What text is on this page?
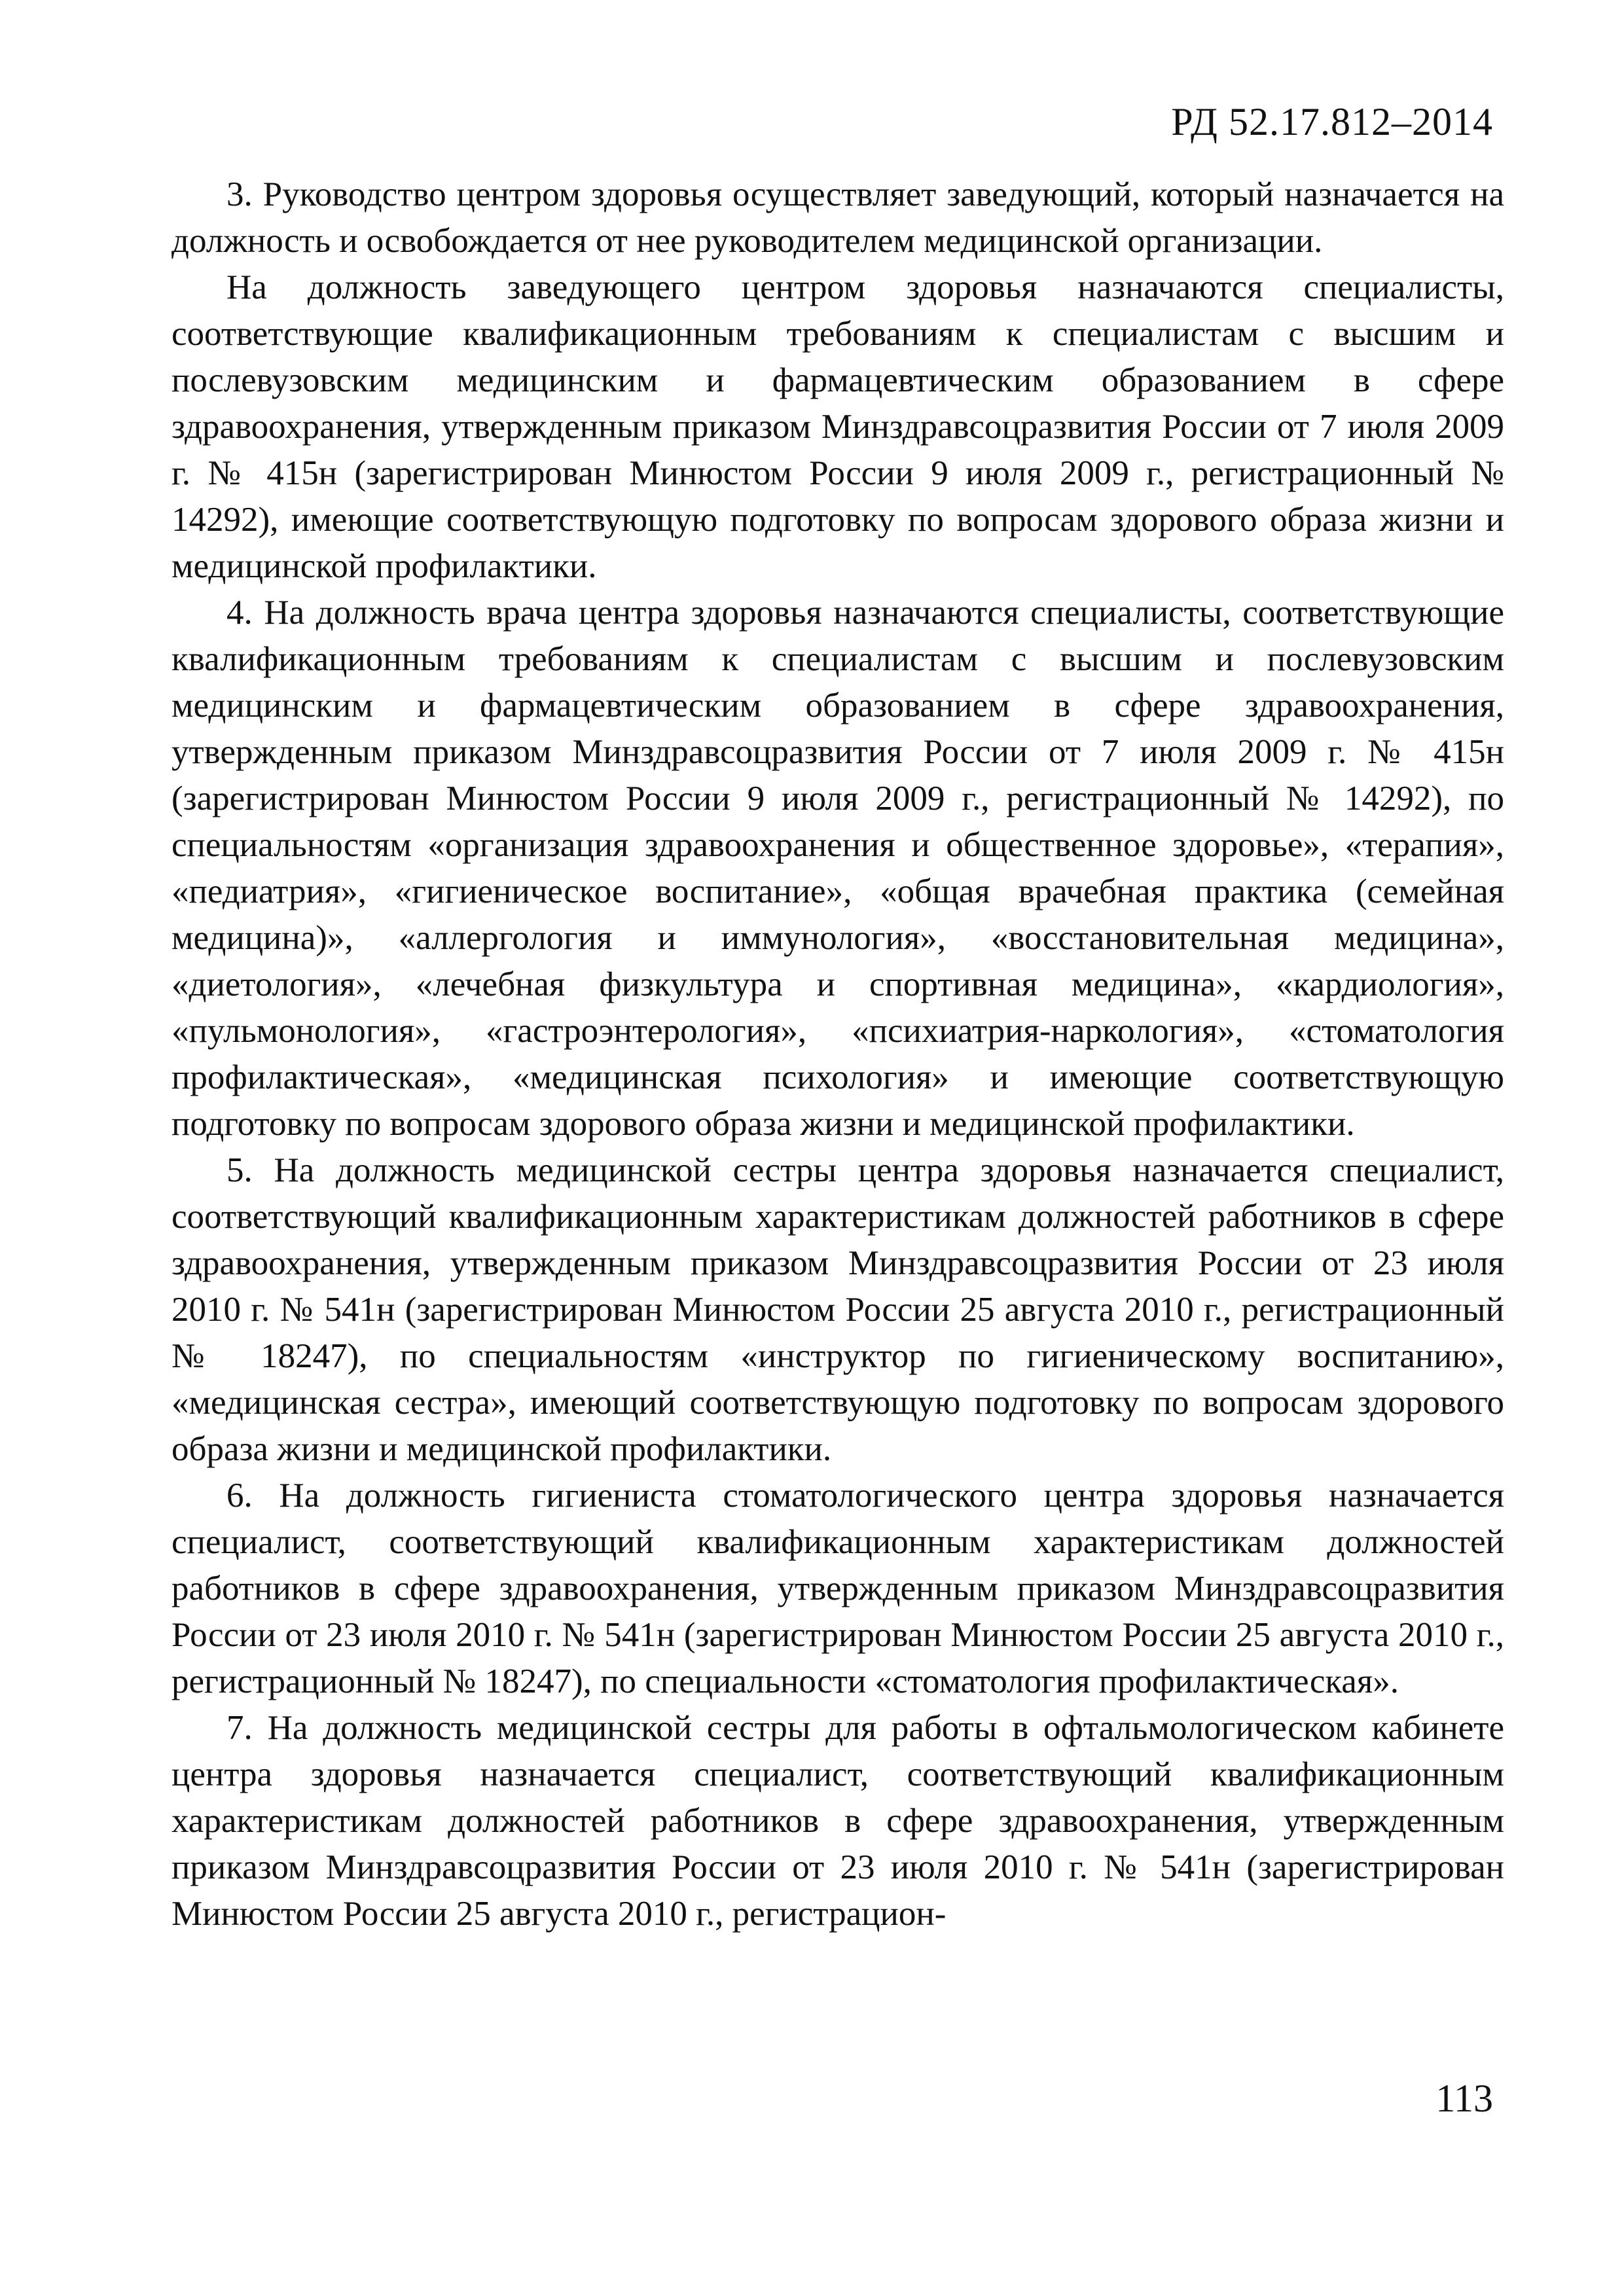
РД 52.17.812–2014

3. Руководство центром здоровья осуществляет заведующий, который назначается на должность и освобождается от нее руководителем медицинской организации.

На должность заведующего центром здоровья назначаются специалисты, соответствующие квалификационным требованиям к специалистам с высшим и послевузовским медицинским и фармацевтическим образованием в сфере здравоохранения, утвержденным приказом Минздравсоцразвития России от 7 июля 2009 г. № 415н (зарегистрирован Минюстом России 9 июля 2009 г., регистрационный № 14292), имеющие соответствующую подготовку по вопросам здорового образа жизни и медицинской профилактики.

4. На должность врача центра здоровья назначаются специалисты, соответствующие квалификационным требованиям к специалистам с высшим и послевузовским медицинским и фармацевтическим образованием в сфере здравоохранения, утвержденным приказом Минздравсоцразвития России от 7 июля 2009 г. № 415н (зарегистрирован Минюстом России 9 июля 2009 г., регистрационный № 14292), по специальностям «организация здравоохранения и общественное здоровье», «терапия», «педиатрия», «гигиеническое воспитание», «общая врачебная практика (семейная медицина)», «аллергология и иммунология», «восстановительная медицина», «диетология», «лечебная физкультура и спортивная медицина», «кардиология», «пульмонология», «гастроэнтерология», «психиатрия-наркология», «стоматология профилактическая», «медицинская психология» и имеющие соответствующую подготовку по вопросам здорового образа жизни и медицинской профилактики.

5. На должность медицинской сестры центра здоровья назначается специалист, соответствующий квалификационным характеристикам должностей работников в сфере здравоохранения, утвержденным приказом Минздравсоцразвития России от 23 июля 2010 г. № 541н (зарегистрирован Минюстом России 25 августа 2010 г., регистрационный № 18247), по специальностям «инструктор по гигиеническому воспитанию», «медицинская сестра», имеющий соответствующую подготовку по вопросам здорового образа жизни и медицинской профилактики.

6. На должность гигиениста стоматологического центра здоровья назначается специалист, соответствующий квалификационным характеристикам должностей работников в сфере здравоохранения, утвержденным приказом Минздравсоцразвития России от 23 июля 2010 г. № 541н (зарегистрирован Минюстом России 25 августа 2010 г., регистрационный № 18247), по специальности «стоматология профилактическая».

7. На должность медицинской сестры для работы в офтальмологическом кабинете центра здоровья назначается специалист, соответствующий квалификационным характеристикам должностей работников в сфере здравоохранения, утвержденным приказом Минздравсоцразвития России от 23 июля 2010 г. № 541н (зарегистрирован Минюстом России 25 августа 2010 г., регистрацион-

113
